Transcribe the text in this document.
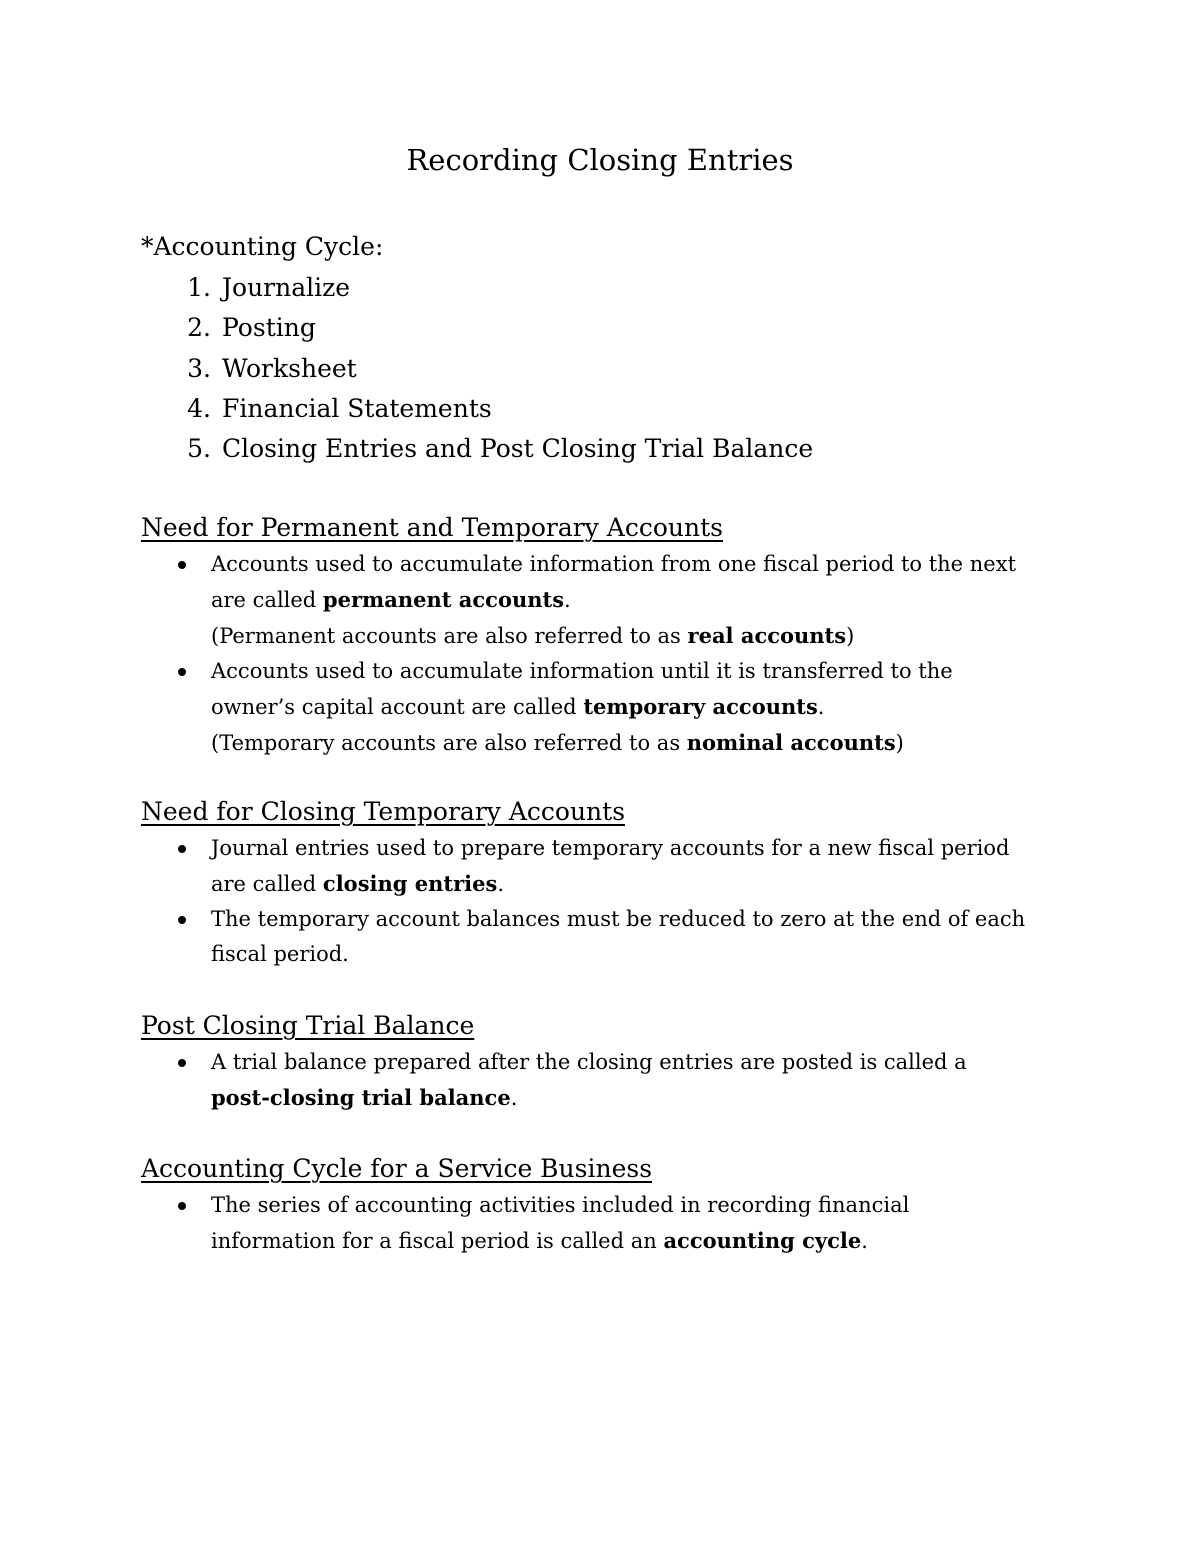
Recording Closing Entries
*Accounting Cycle:
1. Journalize
2. Posting
3. Worksheet
4. Financial Statements
5. Closing Entries and Post Closing Trial Balance
Need for Permanent and Temporary Accounts
Accounts used to accumulate information from one fiscal period to the next
are called permanent accounts.
(Permanent accounts are also referred to as real accounts)
Accounts used to accumulate information until it is transferred to the
owner’s capital account are called temporary accounts.
(Temporary accounts are also referred to as nominal accounts)
Need for Closing Temporary Accounts
Journal entries used to prepare temporary accounts for a new fiscal period
are called closing entries.
The temporary account balances must be reduced to zero at the end of each
fiscal period.
Post Closing Trial Balance
A trial balance prepared after the closing entries are posted is called a
post-closing trial balance.
Accounting Cycle for a Service Business
The series of accounting activities included in recording financial
information for a fiscal period is called an accounting cycle.
